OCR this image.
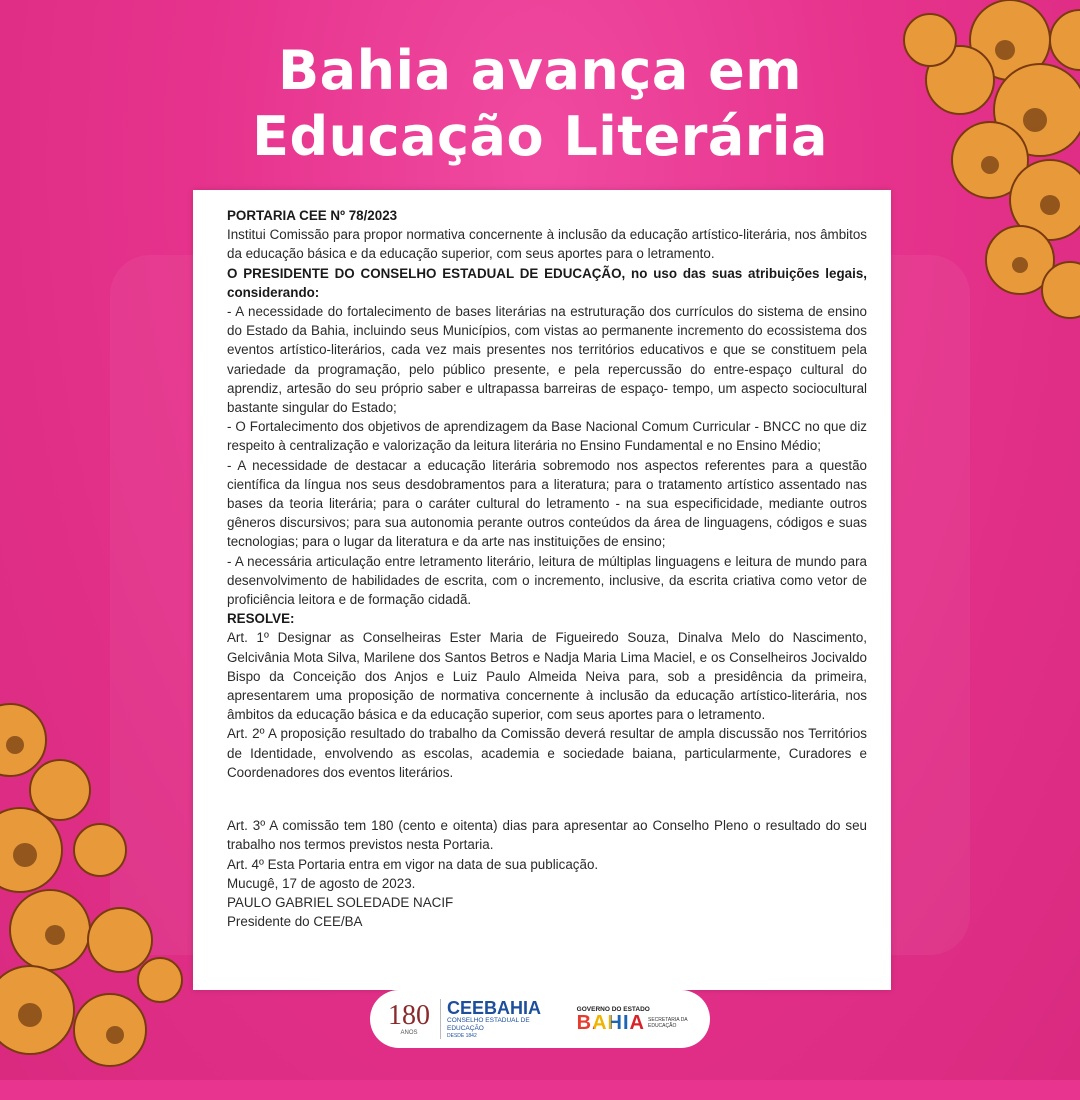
Bahia avança em
Educação Literária

PORTARIA CEE Nº 78/2023

Institui Comissão para propor normativa concernente à inclusão da educação artístico-literária, nos âmbitos da educação básica e da educação superior, com seus aportes para o letramento.

O PRESIDENTE DO CONSELHO ESTADUAL DE EDUCAÇÃO, no uso das suas atribuições legais, considerando:

- A necessidade do fortalecimento de bases literárias na estruturação dos currículos do sistema de ensino do Estado da Bahia, incluindo seus Municípios, com vistas ao permanente incremento do ecossistema dos eventos artístico-literários, cada vez mais presentes nos territórios educativos e que se constituem pela variedade da programação, pelo público presente, e pela repercussão do entre-espaço cultural do aprendiz, artesão do seu próprio saber e ultrapassa barreiras de espaço- tempo, um aspecto sociocultural bastante singular do Estado;

- O Fortalecimento dos objetivos de aprendizagem da Base Nacional Comum Curricular - BNCC no que diz respeito à centralização e valorização da leitura literária no Ensino Fundamental e no Ensino Médio;

- A necessidade de destacar a educação literária sobremodo nos aspectos referentes para a questão científica da língua nos seus desdobramentos para a literatura; para o tratamento artístico assentado nas bases da teoria literária; para o caráter cultural do letramento - na sua especificidade, mediante outros gêneros discursivos; para sua autonomia perante outros conteúdos da área de linguagens, códigos e suas tecnologias; para o lugar da literatura e da arte nas instituições de ensino;

- A necessária articulação entre letramento literário, leitura de múltiplas linguagens e leitura de mundo para desenvolvimento de habilidades de escrita, com o incremento, inclusive, da escrita criativa como vetor de proficiência leitora e de formação cidadã.

RESOLVE:

Art. 1º Designar as Conselheiras Ester Maria de Figueiredo Souza, Dinalva Melo do Nascimento, Gelcivânia Mota Silva, Marilene dos Santos Betros e Nadja Maria Lima Maciel, e os Conselheiros Jocivaldo Bispo da Conceição dos Anjos e Luiz Paulo Almeida Neiva para, sob a presidência da primeira, apresentarem uma proposição de normativa concernente à inclusão da educação artístico-literária, nos âmbitos da educação básica e da educação superior, com seus aportes para o letramento.

Art. 2º A proposição resultado do trabalho da Comissão deverá resultar de ampla discussão nos Territórios de Identidade, envolvendo as escolas, academia e sociedade baiana, particularmente, Curadores e Coordenadores dos eventos literários.

Art. 3º A comissão tem 180 (cento e oitenta) dias para apresentar ao Conselho Pleno o resultado do seu trabalho nos termos previstos nesta Portaria.

Art. 4º Esta Portaria entra em vigor na data de sua publicação.

Mucugê, 17 de agosto de 2023.

PAULO GABRIEL SOLEDADE NACIF

Presidente do CEE/BA

180
ANOS
CEEBAHIA
CONSELHO ESTADUAL DE EDUCAÇÃO
DESDE 1842
GOVERNO DO ESTADO
BAHIA SECRETARIA DA EDUCAÇÃO
